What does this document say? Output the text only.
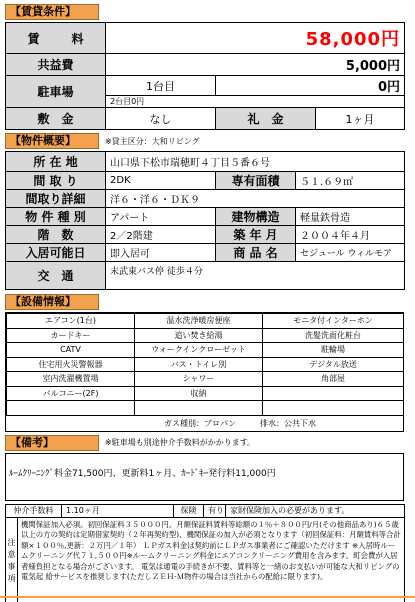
【賃貸条件】
賃　料	58,000円		
共益費	5,000円		
駐車場	1台目	0円	
	2台目0円		
敷　金	なし	礼　金	1ヶ月
【物件概要】	※貸主区分：大和リビング
所 在 地	山口県下松市瑞穂町４丁目５番６号		
間 取 り	2DK	専有面積	５１.６９㎡
間取り詳細	洋６・洋６・ＤＫ９		
物 件 種 別	アパート	建物構造	軽量鉄骨造
階　数	2／2階建	築 年 月	２００４年４月
入居可能日	即入居可	商 品 名	セジュール ウィルモア
交　通	末武東バス停 徒歩４分		
【設備情報】
エアコン(1台)	温水洗浄暖房便座	モニタ付インターホン
カードキー	追い焚き給湯	洗髪洗面化粧台
CATV	ウォークインクローゼット	駐輪場
住宅用火災警報器	バス・トイレ別	デジタル放送
室内洗濯機置場	シャワー	角部屋
バルコニー(2F)	収納	

ガス種別：プロパン	排水：公共下水
【備考】	※駐車場も別途仲介手数料がかかります。
ﾙｰﾑｸﾘｰﾆﾝｸﾞ料金71,500円、更新料1ヶ月、ｶｰﾄﾞｷｰ発行料11,000円
仲介手数料		1.10ヶ月	保険	有り	家財保険加入の必要があります。
注意事項	機関保証加入必須。初回保証料３５０００円。月額保証料賃料等総額の１％＋８００円/月(その他商品あり)６５歳以上の方の契約は定期借家契約（２年再契約型)、機関保証の加入が必須となります（初回保証料：月額賃料等合計額×１００％,更新：２万円／１年） ＬＰガス料金は契約前にＬＰガス事業者にご確認いただけます ※入居時ルームクリーニング代７１,５００円※ルームクリーニング料金にエアコンクリーニング費用を含みます。町会費が入居者様負担となる場合がございます。 電気は通電の手続きが不要、賃料等と一緒のお支払いが可能な大和リビングの電気起 給サービスを推奨します(ただしＺＥＨ-Ｍ物件の場合は当社からの配給に限ります)。				
